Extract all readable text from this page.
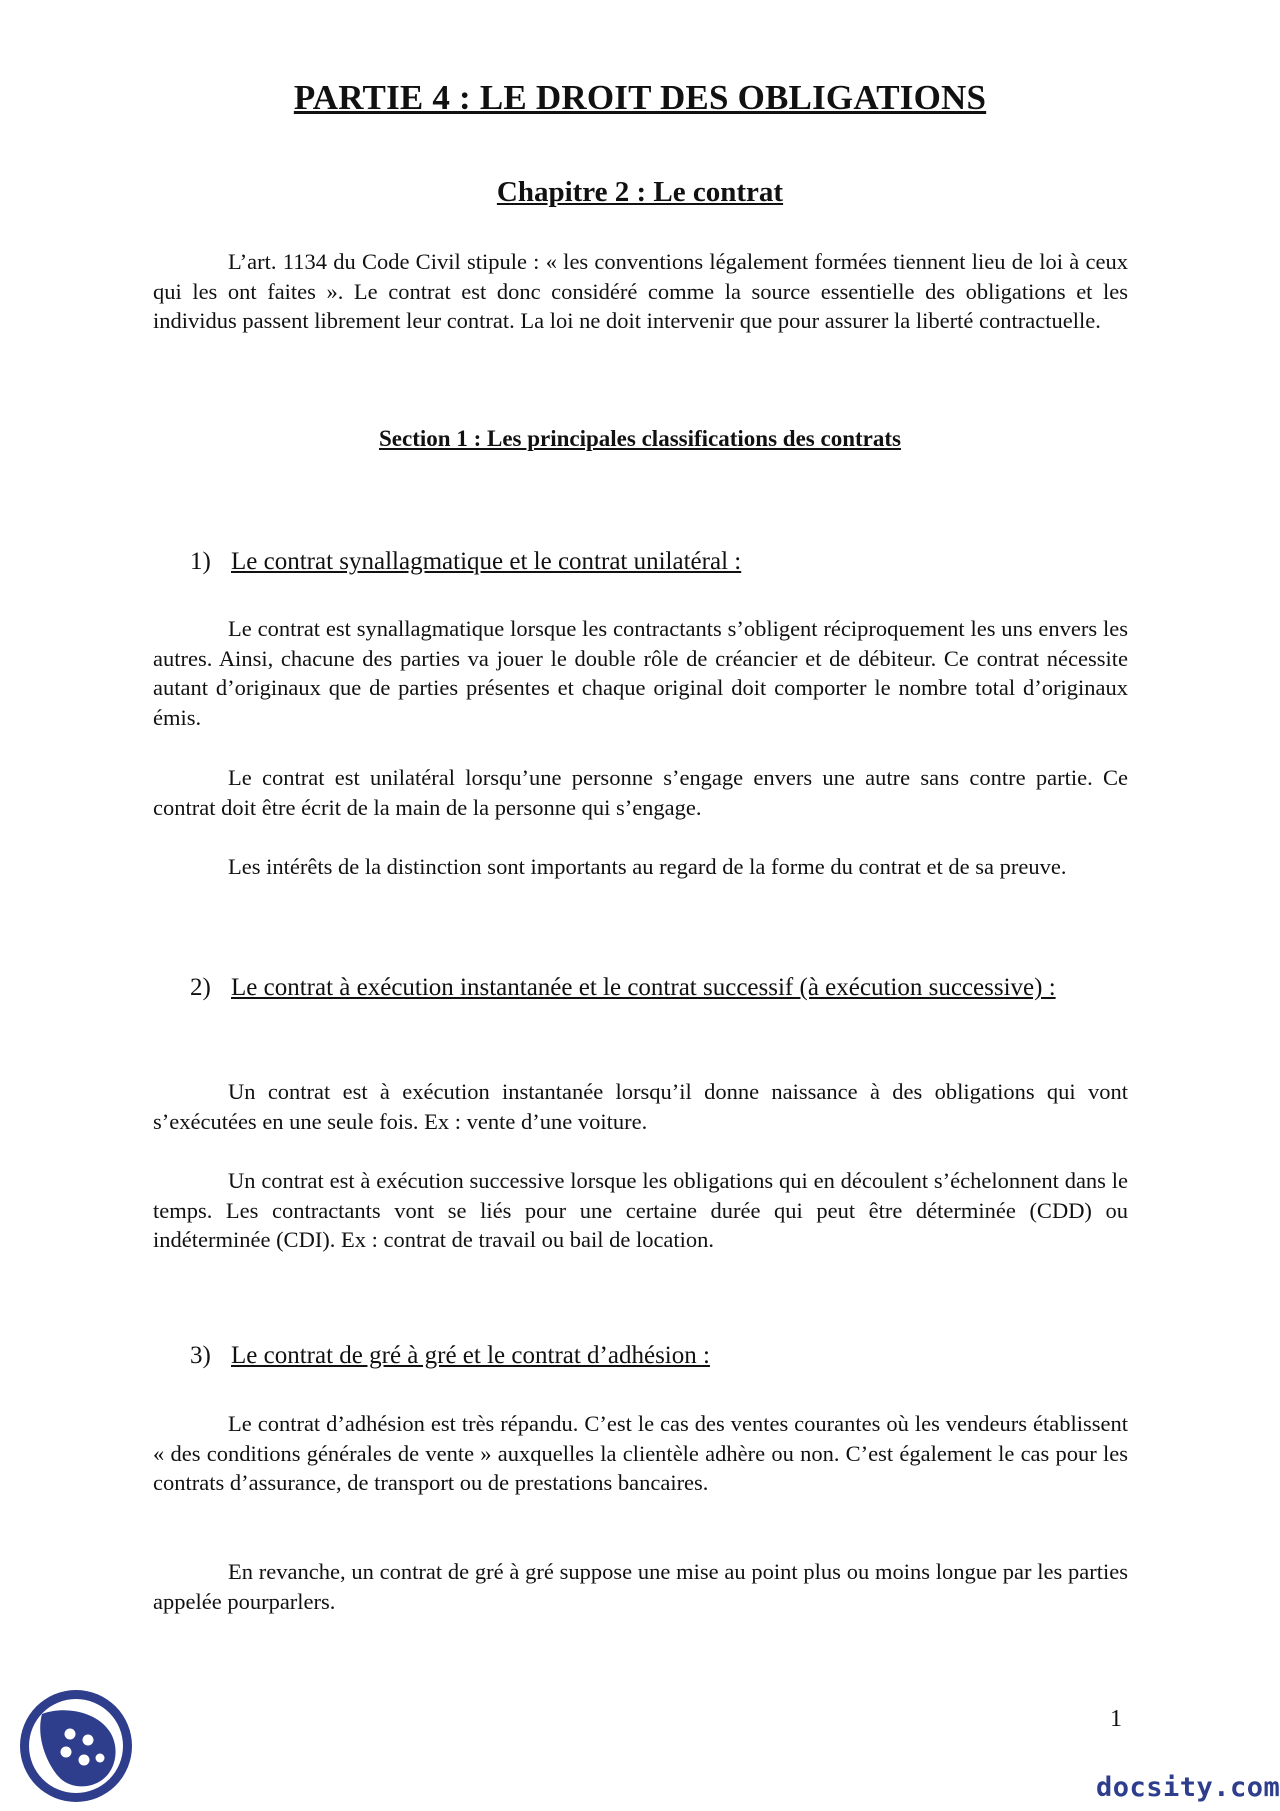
PARTIE 4 : LE DROIT DES OBLIGATIONS
Chapitre 2 : Le contrat

L’art. 1134 du Code Civil stipule : « les conventions légalement formées tiennent lieu de loi à ceux qui les ont faites ». Le contrat est donc considéré comme la source essentielle des obligations et les individus passent librement leur contrat. La loi ne doit intervenir que pour assurer la liberté contractuelle.

Section 1 : Les principales classifications des contrats
1) Le contrat synallagmatique et le contrat unilatéral :

Le contrat est synallagmatique lorsque les contractants s’obligent réciproquement les uns envers les autres. Ainsi, chacune des parties va jouer le double rôle de créancier et de débiteur. Ce contrat nécessite autant d’originaux que de parties présentes et chaque original doit comporter le nombre total d’originaux émis.

Le contrat est unilatéral lorsqu’une personne s’engage envers une autre sans contre partie. Ce contrat doit être écrit de la main de la personne qui s’engage.

Les intérêts de la distinction sont importants au regard de la forme du contrat et de sa preuve.

2) Le contrat à exécution instantanée et le contrat successif (à exécution successive) :

Un contrat est à exécution instantanée lorsqu’il donne naissance à des obligations qui vont s’exécutées en une seule fois. Ex : vente d’une voiture.

Un contrat est à exécution successive lorsque les obligations qui en découlent s’échelonnent dans le temps. Les contractants vont se liés pour une certaine durée qui peut être déterminée (CDD) ou indéterminée (CDI). Ex : contrat de travail ou bail de location.

3) Le contrat de gré à gré et le contrat d’adhésion :

Le contrat d’adhésion est très répandu. C’est le cas des ventes courantes où les vendeurs établissent « des conditions générales de vente » auxquelles la clientèle adhère ou non. C’est également le cas pour les contrats d’assurance, de transport ou de prestations bancaires.

En revanche, un contrat de gré à gré suppose une mise au point plus ou moins longue par les parties appelée pourparlers.

1
docsity.com
